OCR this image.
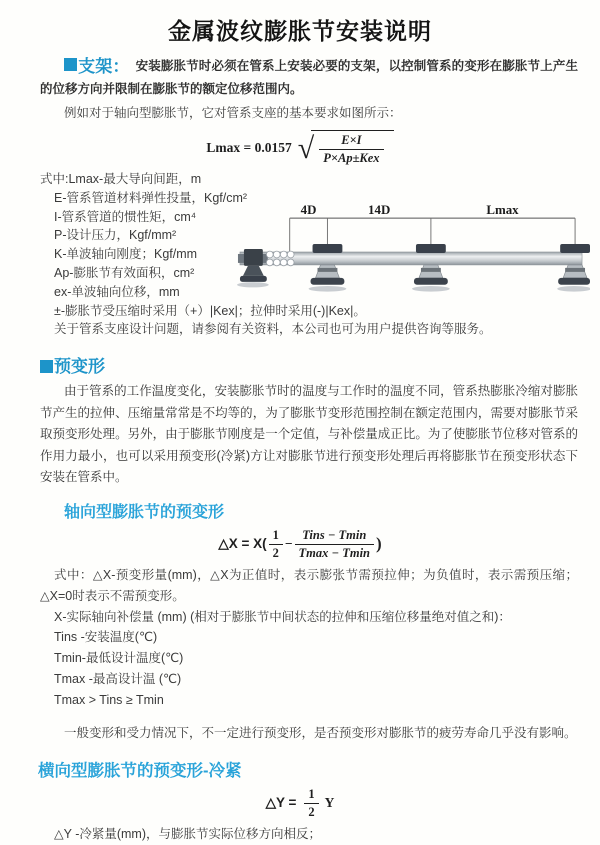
金属波纹膨胀节安装说明

支架： 安装膨胀节时必须在管系上安装必要的支架，以控制管系的变形在膨胀节上产生的位移方向并限制在膨胀节的额定位移范围内。

例如对于轴向型膨胀节，它对管系支座的基本要求如图所示：

Lmax = 0.0157 √ $\frac{E\times I}{\text{P×Ap±Kex}}$
式中:Lmax-最大导向间距，m
E-管系管道材料弹性投量，Kgf/cm²
I-管系管道的惯性矩，cm⁴
P-设计压力，Kgf/mm²
K-单波轴向刚度；Kgf/mm
Ap-膨胀节有效面积，cm²
ex-单波轴向位移，mm
±-膨胀节受压缩时采用（+）|Kex|；拉伸时采用(-)|Kex|。
关于管系支座设计问题，请参阅有关资料，本公司也可为用户提供咨询等服务。
4D	14D	Lmax
预变形

由于管系的工作温度变化，安装膨胀节时的温度与工作时的温度不同，管系热膨胀冷缩对膨胀节产生的拉伸、压缩量常常是不均等的，为了膨胀节变形范围控制在额定范围内，需要对膨胀节采取预变形处理。另外，由于膨胀节刚度是一个定值，与补偿量成正比。为了使膨胀节位移对管系的作用力最小，也可以采用预变形(冷紧)方让对膨胀节进行预变形处理后再将膨胀节在预变形状态下安装在管系中。

轴向型膨胀节的预变形
△X = $X( \frac{1}{2} - \frac{\text{Tins − Tmin}}{Tmax - Tmin}$ )

式中：△X-预变形量(mm)，△X为正值时，表示膨张节需预拉伸；为负值时，表示需预压缩；△X=0时表示不需预变形。

X-实际轴向补偿量 (mm) (相对于膨胀节中间状态的拉伸和压缩位移量绝对值之和)：
Tins -安装温度(℃)
Tmin-最低设计温度(℃)
Tmax -最高设计温 (℃)
Tmax > Tins ≥ Tmin

一般变形和受力情况下，不一定进行预变形，是否预变形对膨胀节的疲劳寿命几乎没有影响。

横向型膨胀节的预变形-冷紧
△Y = $\frac{1}{2}$ Y

△Y -冷紧量(mm)，与膨胀节实际位移方向相反；
